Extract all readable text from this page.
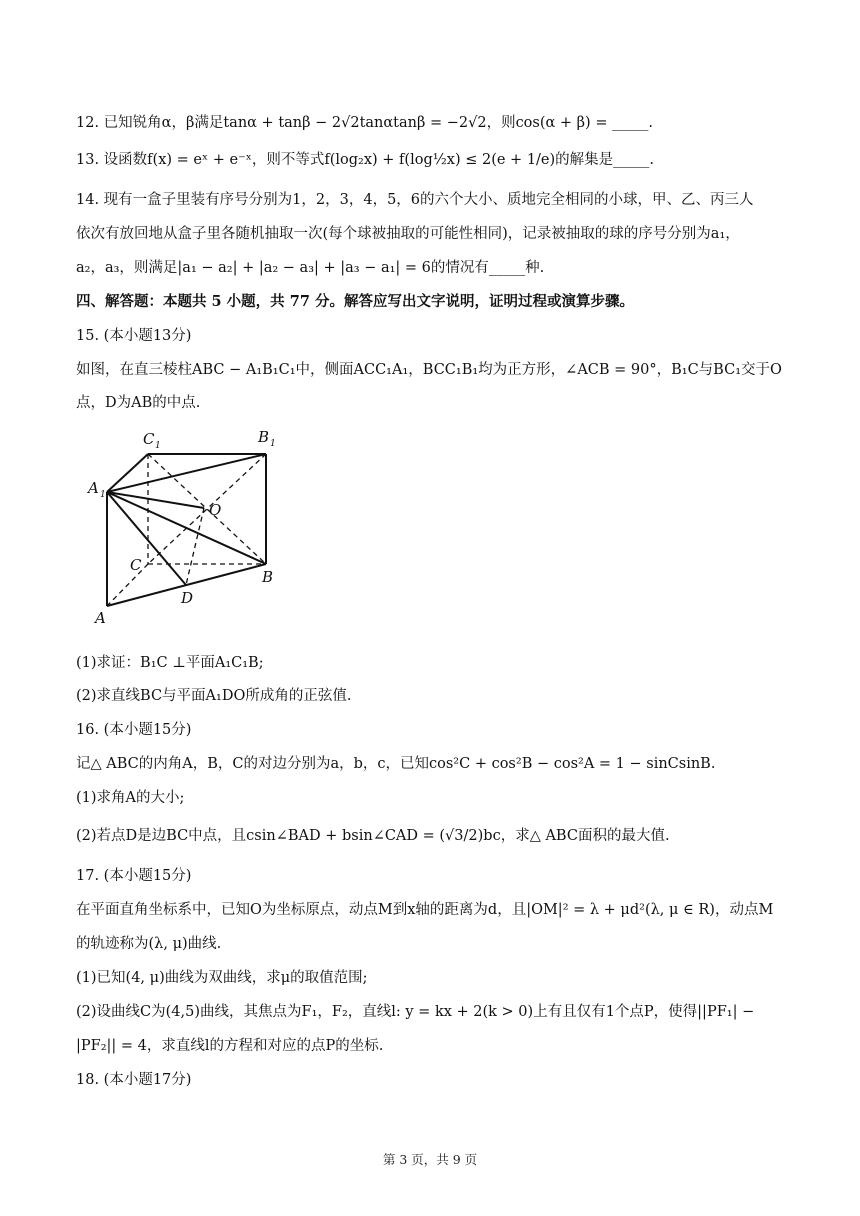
12. 已知锐角α，β满足tanα + tanβ − 2√2tanαtanβ = −2√2，则cos(α + β) = _____.
13. 设函数f(x) = eˣ + e⁻ˣ，则不等式f(log₂x) + f(log½x) ≤ 2(e + 1/e)的解集是_____.
14. 现有一盒子里装有序号分别为1，2，3，4，5，6的六个大小、质地完全相同的小球，甲、乙、丙三人
依次有放回地从盒子里各随机抽取一次(每个球被抽取的可能性相同)，记录被抽取的球的序号分别为a₁，
a₂，a₃，则满足|a₁ − a₂| + |a₂ − a₃| + |a₃ − a₁| = 6的情况有_____种.
四、解答题：本题共 5 小题，共 77 分。解答应写出文字说明，证明过程或演算步骤。
15. (本小题13分)
如图，在直三棱柱ABC − A₁B₁C₁中，侧面ACC₁A₁，BCC₁B₁均为正方形，∠ACB = 90°，B₁C与BC₁交于O
点，D为AB的中点.
C 1	B 1
A 1
O
C
B
D
A
(1)求证：B₁C ⊥平面A₁C₁B;
(2)求直线BC与平面A₁DO所成角的正弦值.
16. (本小题15分)
记△ ABC的内角A，B，C的对边分别为a，b，c，已知cos²C + cos²B − cos²A = 1 − sinCsinB.
(1)求角A的大小;
(2)若点D是边BC中点，且csin∠BAD + bsin∠CAD = (√3/2)bc，求△ ABC面积的最大值.
17. (本小题15分)
在平面直角坐标系中，已知O为坐标原点，动点M到x轴的距离为d，且|OM|² = λ + μd²(λ, μ ∈ R)，动点M
的轨迹称为(λ, μ)曲线.
(1)已知(4, μ)曲线为双曲线，求μ的取值范围;
(2)设曲线C为(4,5)曲线，其焦点为F₁，F₂，直线l: y = kx + 2(k > 0)上有且仅有1个点P，使得||PF₁| −
|PF₂|| = 4，求直线l的方程和对应的点P的坐标.
18. (本小题17分)
第 3 页，共 9 页
